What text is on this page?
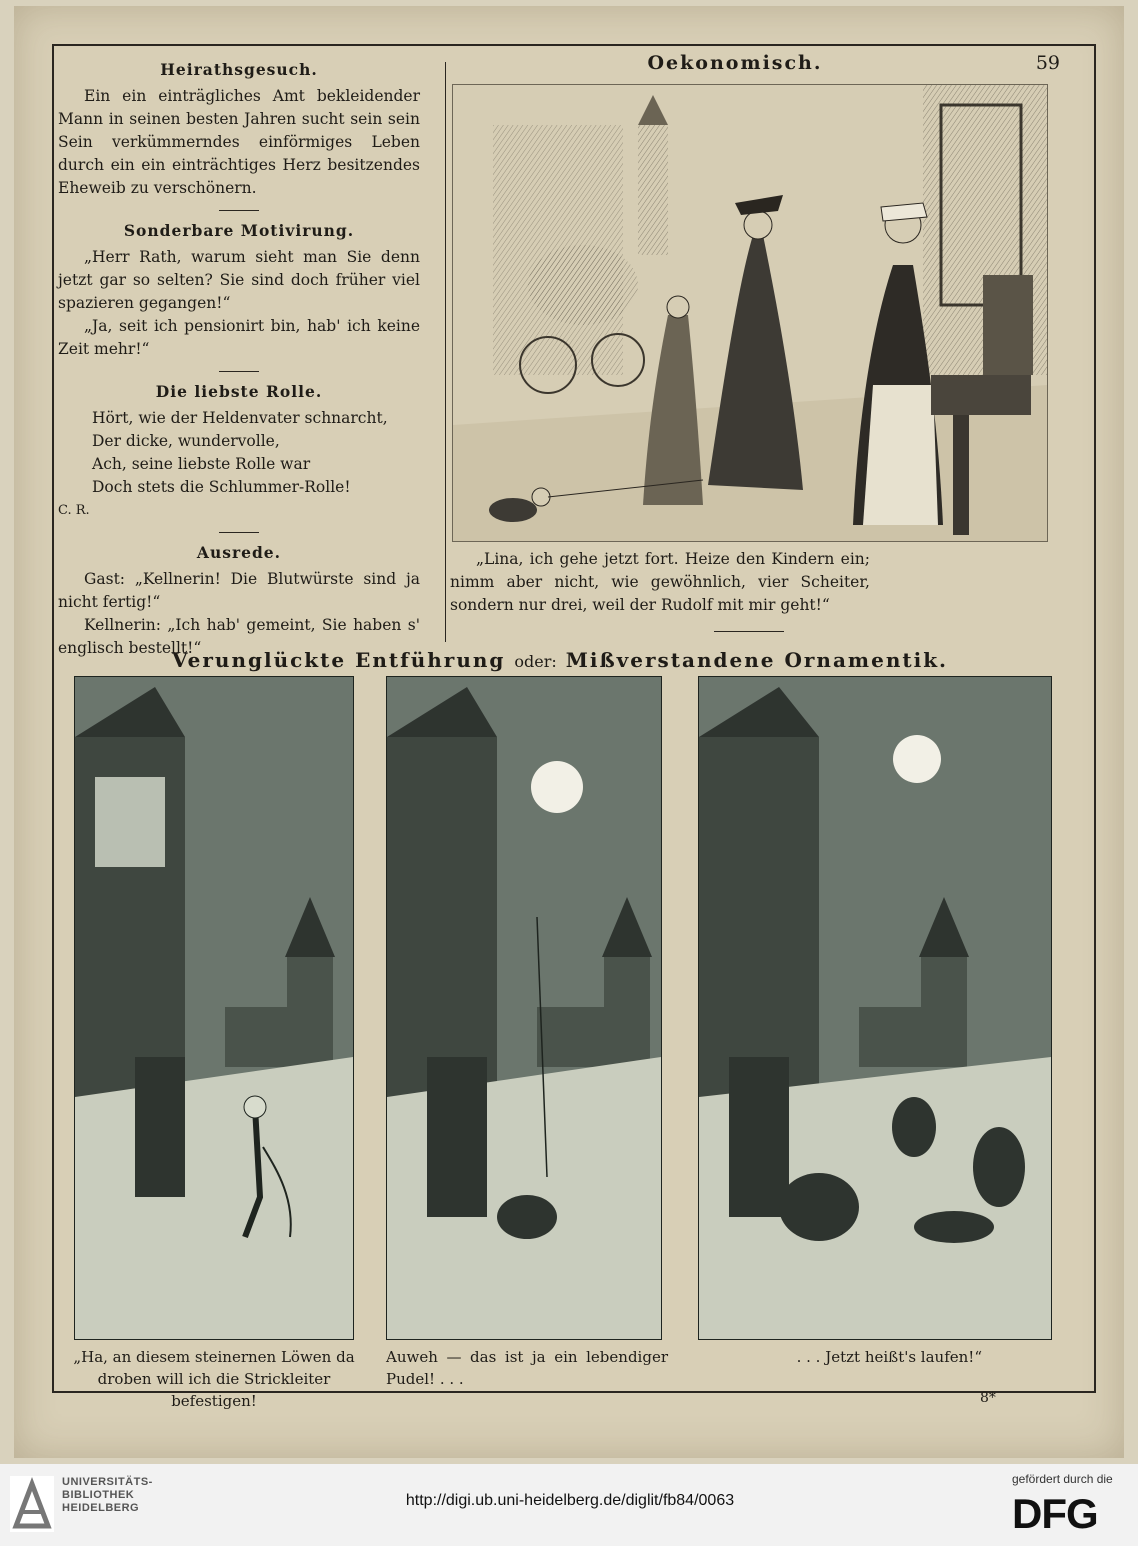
Heirathsgesuch.

Ein ein einträgliches Amt bekleidender Mann in seinen besten Jahren sucht sein sein Sein verkümmerndes einförmiges Leben durch ein ein einträchtiges Herz besitzendes Eheweib zu verschönern.

Sonderbare Motivirung.

„Herr Rath, warum sieht man Sie denn jetzt gar so selten? Sie sind doch früher viel spazieren gegangen!“

„Ja, seit ich pensionirt bin, hab' ich keine Zeit mehr!“

Die liebste Rolle.

Hört, wie der Heldenvater schnarcht,

Der dicke, wundervolle,

Ach, seine liebste Rolle war

Doch stets die Schlummer-Rolle!

C. R.

Ausrede.

Gast: „Kellnerin! Die Blutwürste sind ja nicht fertig!“

Kellnerin: „Ich hab' gemeint, Sie haben s' englisch bestellt!“

Oekonomisch.	59

„Lina, ich gehe jetzt fort. Heize den Kindern ein; nimm aber nicht, wie gewöhnlich, vier Scheiter, sondern nur drei, weil der Rudolf mit mir geht!“

Verunglückte Entführung oder: Mißverstandene Ornamentik.
„Ha, an diesem steinernen Löwen da droben will ich die Strickleiter befestigen!
Auweh — das ist ja ein lebendiger Pudel! . . .
. . . Jetzt heißt's laufen!“
8*
UNIVERSITÄTS-
BIBLIOTHEK
HEIDELBERG	http://digi.ub.uni-heidelberg.de/diglit/fb84/0063
gefördert durch die
DFG
